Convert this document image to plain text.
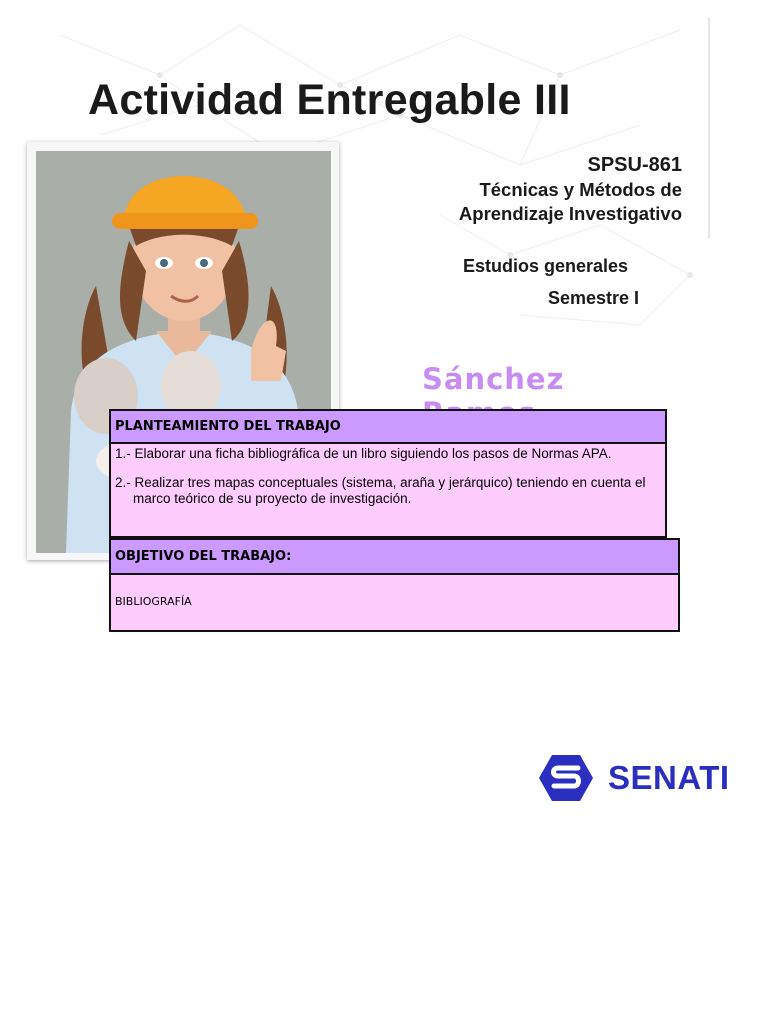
Actividad Entregable III
SPSU-861
Técnicas y Métodos de
Aprendizaje Investigativo
Estudios generales
Semestre I
Sánchez
PLANTEAMIENTO DEL TRABAJO

1.- Elaborar una ficha bibliográfica de un libro siguiendo los pasos de Normas APA.

2.- Realizar tres mapas conceptuales (sistema, araña y jerárquico) teniendo en cuenta el

marco teórico de su proyecto de investigación.

OBJETIVO DEL TRABAJO:
BIBLIOGRAFÍA
SENATI
